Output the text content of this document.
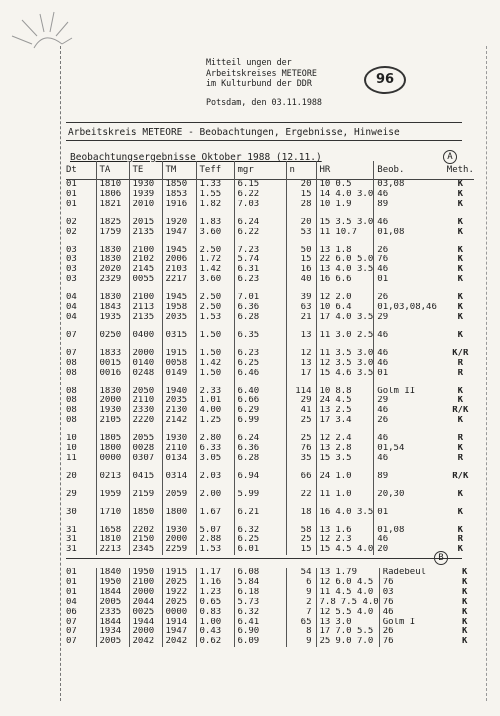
Mitteil ungen der
Arbeitskreises METEORE
im Kulturbund der DDR

Potsdam, den 03.11.1988
96
Arbeitskreis METEORE - Beobachtungen, Ergebnisse, Hinweise
Beobachtungsergebnisse Oktober 1988 (12.11.)	A
Dt	TA	TE	TM	Teff	mgr	n	HR	Beob.	Meth.
01	1810	1930	1850	1.33	6.15	20	10 0.5	03,08	K
01	1806	1939	1853	1.55	6.22	15	14 4.0 3.0	46	K
01	1821	2010	1916	1.82	7.03	28	10 1.9	89	K

02	1825	2015	1920	1.83	6.24	20	15 3.5 3.0	46	K
02	1759	2135	1947	3.60	6.22	53	11 10.7	01,08	K

03	1830	2100	1945	2.50	7.23	50	13 1.8	26	K
03	1830	2102	2006	1.72	5.74	15	22 6.0 5.0	76	K
03	2020	2145	2103	1.42	6.31	16	13 4.0 3.5	46	K
03	2329	0055	2217	3.60	6.23	40	16 6.6	01	K

04	1830	2100	1945	2.50	7.01	39	12 2.0	26	K
04	1843	2113	1958	2.50	6.36	63	10 6.4	01,03,08,46	K
04	1935	2135	2035	1.53	6.28	21	17 4.0 3.5	29	K

07	0250	0400	0315	1.50	6.35	13	11 3.0 2.5	46	K

07	1833	2000	1915	1.50	6.23	12	11 3.5 3.0	46	K/R
08	0015	0140	0058	1.42	6.25	13	12 3.5 3.0	46	R
08	0016	0248	0149	1.50	6.46	17	15 4.6 3.5	01	R

08	1830	2050	1940	2.33	6.40	114	10 8.8	Golm II	K
08	2000	2110	2035	1.01	6.66	29	24 4.5	29	K
08	1930	2330	2130	4.00	6.29	41	13 2.5	46	R/K
08	2105	2220	2142	1.25	6.99	25	17 3.4	26	K

10	1805	2055	1930	2.80	6.24	25	12 2.4	46	R
10	1800	0028	2110	6.33	6.36	76	13 2.8	01,54	K
11	0000	0307	0134	3.05	6.28	35	15 3.5	46	R

20	0213	0415	0314	2.03	6.94	66	24 1.0	89	R/K

29	1959	2159	2059	2.00	5.99	22	11 1.0	20,30	K

30	1710	1850	1800	1.67	6.21	18	16 4.0 3.5	01	K

31	1658	2202	1930	5.07	6.32	58	13 1.6	01,08	K
31	1810	2150	2000	2.88	6.25	25	12 2.3	46	R
31	2213	2345	2259	1.53	6.01	15	15 4.5 4.0	20	K
B
01	1840	1950	1915	1.17	6.08	54	13 1.79	Radebeul	K
01	1950	2100	2025	1.16	5.84	6	12 6.0 4.5	76	K
01	1844	2000	1922	1.23	6.18	9	11 4.5 4.0	03	K
04	2005	2044	2025	0.65	5.73	2	7.8 7.5 4.0	76	K
06	2335	0025	0000	0.83	6.32	7	12 5.5 4.0	46	K
07	1844	1944	1914	1.00	6.41	65	13 3.0	Golm I	K
07	1934	2000	1947	0.43	6.90	8	17 7.0 5.5	26	K
07	2005	2042	2042	0.62	6.09	9	25 9.0 7.0	76	K
